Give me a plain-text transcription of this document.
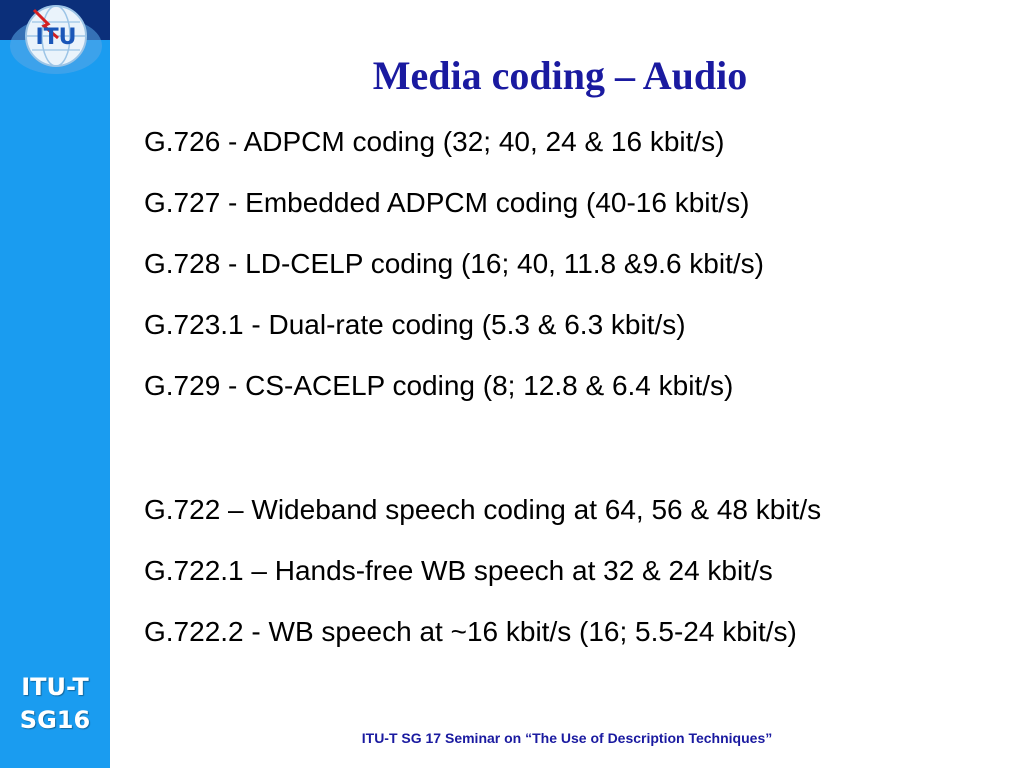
ITU
ITU-T
SG16
Media coding – Audio

G.726 - ADPCM coding (32; 40, 24 & 16 kbit/s)

G.727 - Embedded ADPCM coding (40-16 kbit/s)

G.728 - LD-CELP coding (16; 40, 11.8 &9.6 kbit/s)

G.723.1 - Dual-rate coding (5.3 & 6.3 kbit/s)

G.729 - CS-ACELP coding (8; 12.8 & 6.4 kbit/s)

G.722 – Wideband speech coding at 64, 56 & 48 kbit/s

G.722.1 – Hands-free WB speech at 32 & 24 kbit/s

G.722.2 - WB speech at ~16 kbit/s (16; 5.5-24 kbit/s)

ITU-T SG 17 Seminar on “The Use of Description Techniques”
